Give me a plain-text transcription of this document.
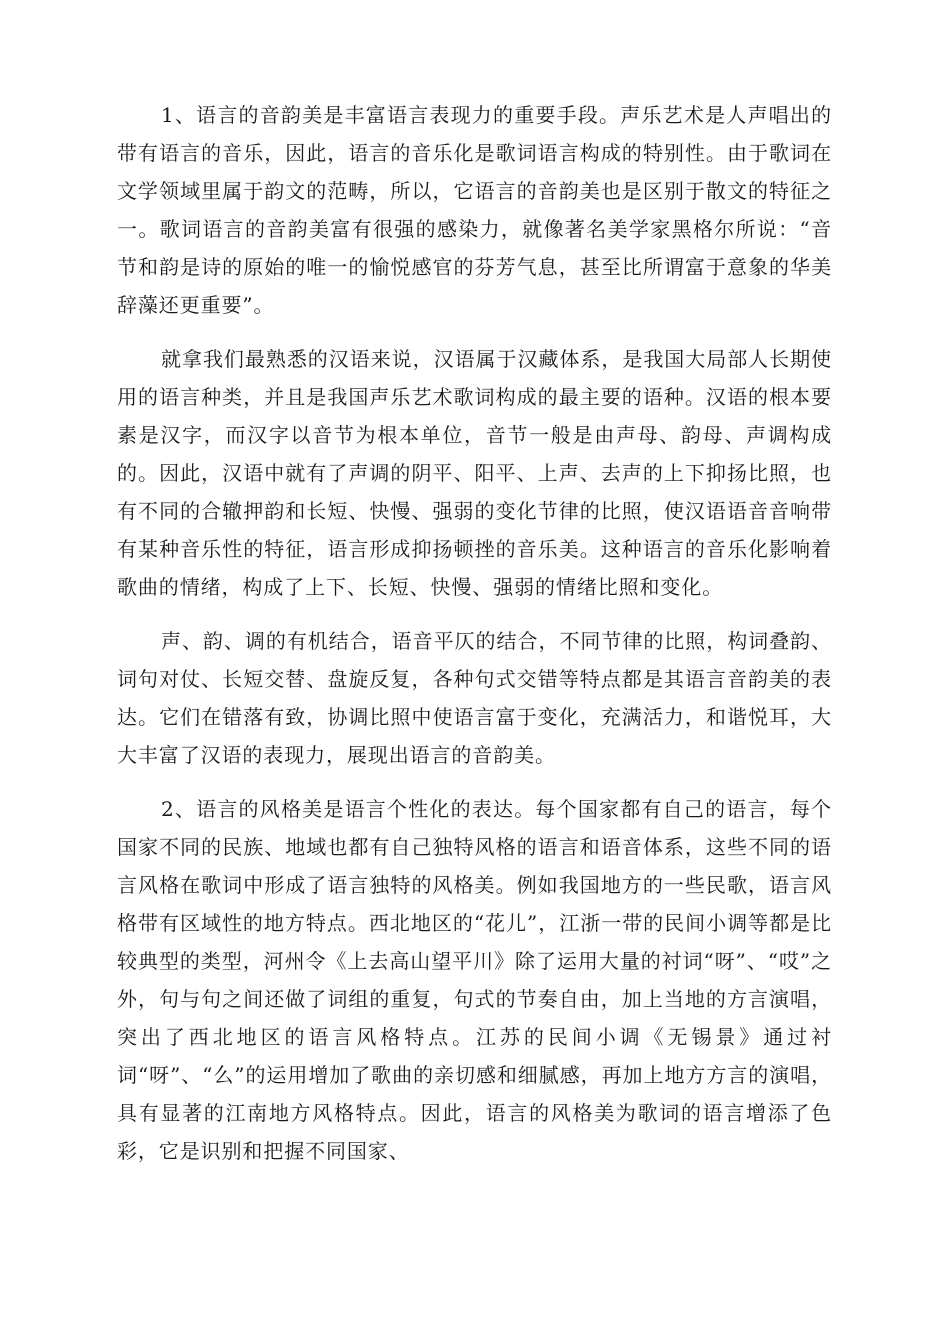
1、语言的音韵美是丰富语言表现力的重要手段。声乐艺术是人声唱出的带有语言的音乐，因此，语言的音乐化是歌词语言构成的特别性。由于歌词在文学领域里属于韵文的范畴，所以，它语言的音韵美也是区别于散文的特征之一。歌词语言的音韵美富有很强的感染力，就像著名美学家黑格尔所说：“音节和韵是诗的原始的唯一的愉悦感官的芬芳气息，甚至比所谓富于意象的华美辞藻还更重要”。

就拿我们最熟悉的汉语来说，汉语属于汉藏体系，是我国大局部人长期使用的语言种类，并且是我国声乐艺术歌词构成的最主要的语种。汉语的根本要素是汉字，而汉字以音节为根本单位，音节一般是由声母、韵母、声调构成的。因此，汉语中就有了声调的阴平、阳平、上声、去声的上下抑扬比照，也有不同的合辙押韵和长短、快慢、强弱的变化节律的比照，使汉语语音音响带有某种音乐性的特征，语言形成抑扬顿挫的音乐美。这种语言的音乐化影响着歌曲的情绪，构成了上下、长短、快慢、强弱的情绪比照和变化。

声、韵、调的有机结合，语音平仄的结合，不同节律的比照，构词叠韵、词句对仗、长短交替、盘旋反复，各种句式交错等特点都是其语言音韵美的表达。它们在错落有致，协调比照中使语言富于变化，充满活力，和谐悦耳，大大丰富了汉语的表现力，展现出语言的音韵美。

2、语言的风格美是语言个性化的表达。每个国家都有自己的语言，每个国家不同的民族、地域也都有自己独特风格的语言和语音体系，这些不同的语言风格在歌词中形成了语言独特的风格美。例如我国地方的一些民歌，语言风格带有区域性的地方特点。西北地区的“花儿”，江浙一带的民间小调等都是比较典型的类型，河州令《上去高山望平川》除了运用大量的衬词“呀”、“哎”之外，句与句之间还做了词组的重复，句式的节奏自由，加上当地的方言演唱，突出了西北地区的语言风格特点。江苏的民间小调《无锡景》通过衬词“呀”、“么”的运用增加了歌曲的亲切感和细腻感，再加上地方方言的演唱，具有显著的江南地方风格特点。因此，语言的风格美为歌词的语言增添了色彩，它是识别和把握不同国家、
